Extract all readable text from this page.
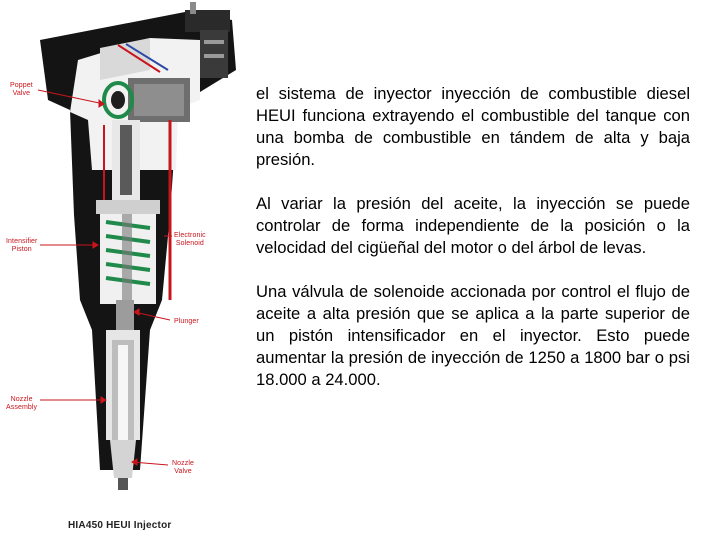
Poppet
Valve
Electronic
Solenoid
Intensifier
Piston
Plunger
Nozzle
Assembly
Nozzle
Valve
HIA450 HEUI Injector

el sistema de inyector inyección de combustible diesel HEUI funciona extrayendo el combustible del tanque con una bomba de combustible en tándem de alta y baja presión.

Al variar la presión del aceite, la inyección se puede controlar de forma independiente de la posición o la velocidad del cigüeñal del motor o del árbol de levas.

Una válvula de solenoide accionada por control el flujo de aceite a alta presión que se aplica a la parte superior de un pistón intensificador en el inyector. Esto puede aumentar la presión de inyección de 1250 a 1800 bar o psi 18.000 a 24.000.
